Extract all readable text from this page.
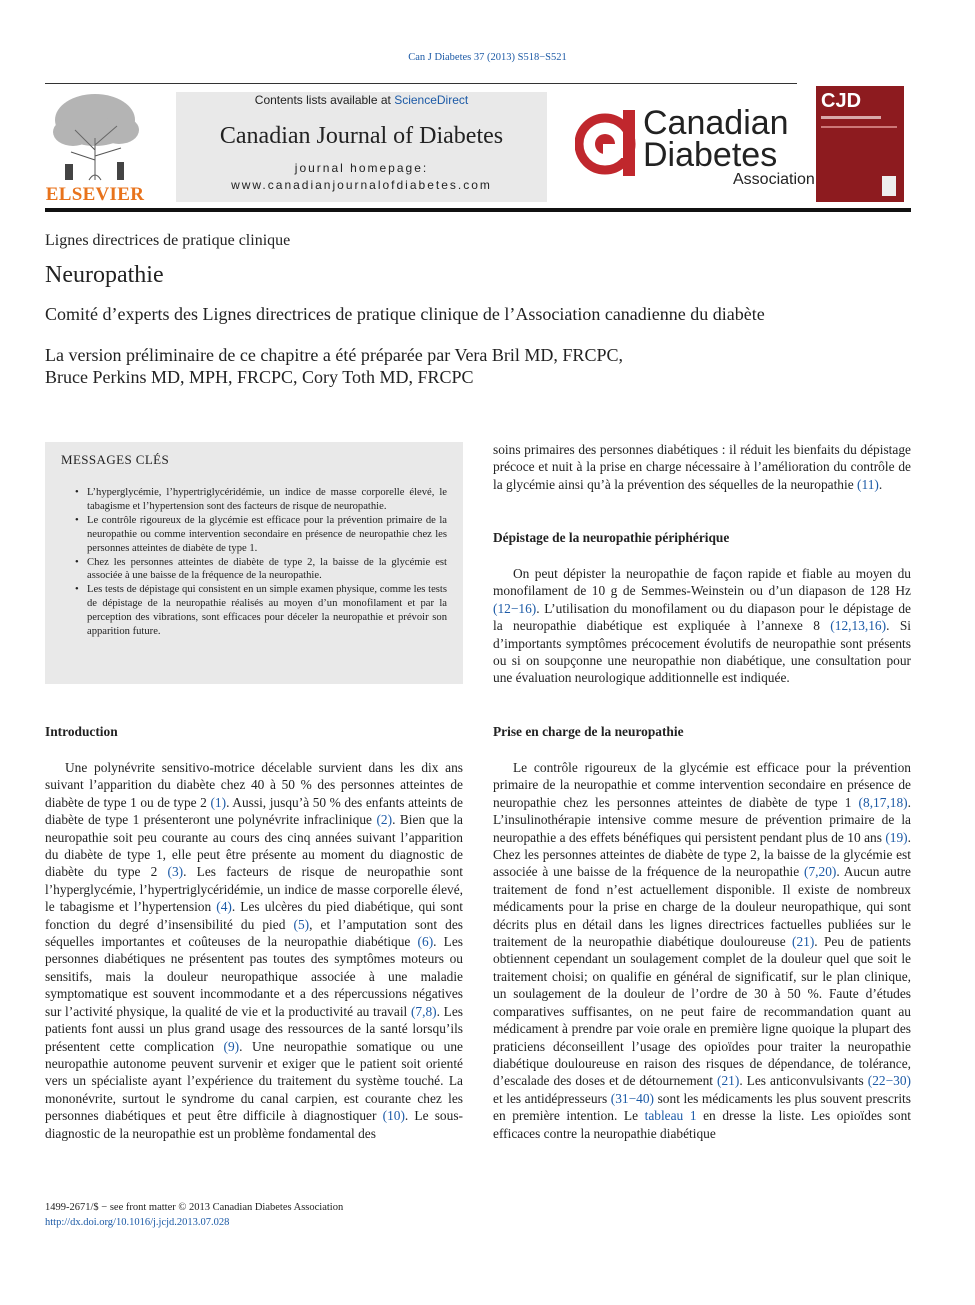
Can J Diabetes 37 (2013) S518−S521
ELSEVIER
Contents lists available at ScienceDirect
Canadian Journal of Diabetes
journal homepage:
www.canadianjournalofdiabetes.com
Canadian
Diabetes
Association
CJD
Lignes directrices de pratique clinique
Neuropathie
Comité d’experts des Lignes directrices de pratique clinique de l’Association canadienne du diabète
La version préliminaire de ce chapitre a été préparée par Vera Bril MD, FRCPC,
Bruce Perkins MD, MPH, FRCPC, Cory Toth MD, FRCPC
MESSAGES CLÉS
• L’hyperglycémie, l’hypertriglycéridémie, un indice de masse corporelle élevé, le tabagisme et l’hypertension sont des facteurs de risque de neuropathie.
• Le contrôle rigoureux de la glycémie est efficace pour la prévention primaire de la neuropathie ou comme intervention secondaire en présence de neuropathie chez les personnes atteintes de diabète de type 1.
• Chez les personnes atteintes de diabète de type 2, la baisse de la glycémie est associée à une baisse de la fréquence de la neuropathie.
• Les tests de dépistage qui consistent en un simple examen physique, comme les tests de dépistage de la neuropathie réalisés au moyen d’un monofilament et par la perception des vibrations, sont efficaces pour déceler la neuropathie et prévoir son apparition future.
Introduction

Une polynévrite sensitivo-motrice décelable survient dans les dix ans suivant l’apparition du diabète chez 40 à 50 % des personnes atteintes de diabète de type 1 ou de type 2 (1). Aussi, jusqu’à 50 % des enfants atteints de diabète de type 1 présenteront une polynévrite infraclinique (2). Bien que la neuropathie soit peu courante au cours des cinq années suivant l’apparition du diabète de type 1, elle peut être présente au moment du diagnostic de diabète du type 2 (3). Les facteurs de risque de neuropathie sont l’hyperglycémie, l’hypertriglycéridémie, un indice de masse corporelle élevé, le tabagisme et l’hypertension (4). Les ulcères du pied diabétique, qui sont fonction du degré d’insensibilité du pied (5), et l’amputation sont des séquelles importantes et coûteuses de la neuropathie diabétique (6). Les personnes diabétiques ne présentent pas toutes des symptômes moteurs ou sensitifs, mais la douleur neuropathique associée à une maladie symptomatique est souvent incommodante et a des répercussions négatives sur l’activité physique, la qualité de vie et la productivité au travail (7,8). Les patients font aussi un plus grand usage des ressources de la santé lorsqu’ils présentent cette complication (9). Une neuropathie somatique ou une neuropathie autonome peuvent survenir et exiger que le patient soit orienté vers un spécialiste ayant l’expérience du traitement du système touché. La mononévrite, surtout le syndrome du canal carpien, est courante chez les personnes diabétiques et peut être difficile à diagnostiquer (10). Le sous-diagnostic de la neuropathie est un problème fondamental des

soins primaires des personnes diabétiques : il réduit les bienfaits du dépistage précoce et nuit à la prise en charge nécessaire à l’amélioration du contrôle de la glycémie ainsi qu’à la prévention des séquelles de la neuropathie (11).

Dépistage de la neuropathie périphérique

On peut dépister la neuropathie de façon rapide et fiable au moyen du monofilament de 10 g de Semmes-Weinstein ou d’un diapason de 128 Hz (12−16). L’utilisation du monofilament ou du diapason pour le dépistage de la neuropathie diabétique est expliquée à l’annexe 8 (12,13,16). Si d’importants symptômes précocement évolutifs de neuropathie sont présents ou si on soupçonne une neuropathie non diabétique, une consultation pour une évaluation neurologique additionnelle est indiquée.

Prise en charge de la neuropathie

Le contrôle rigoureux de la glycémie est efficace pour la prévention primaire de la neuropathie et comme intervention secondaire en présence de neuropathie chez les personnes atteintes de diabète de type 1 (8,17,18). L’insulinothérapie intensive comme mesure de prévention primaire de la neuropathie a des effets bénéfiques qui persistent pendant plus de 10 ans (19). Chez les personnes atteintes de diabète de type 2, la baisse de la glycémie est associée à une baisse de la fréquence de la neuropathie (7,20). Aucun autre traitement de fond n’est actuellement disponible. Il existe de nombreux médicaments pour la prise en charge de la douleur neuropathique, qui sont décrits plus en détail dans les lignes directrices factuelles publiées sur le traitement de la neuropathie diabétique douloureuse (21). Peu de patients obtiennent cependant un soulagement complet de la douleur quel que soit le traitement choisi; on qualifie en général de significatif, sur le plan clinique, un soulagement de la douleur de l’ordre de 30 à 50 %. Faute d’études comparatives suffisantes, on ne peut faire de recommandation quant au médicament à prendre par voie orale en première ligne quoique la plupart des praticiens déconseillent l’usage des opioïdes pour traiter la neuropathie diabétique douloureuse en raison des risques de dépendance, de tolérance, d’escalade des doses et de détournement (21). Les anticonvulsivants (22−30) et les antidépresseurs (31−40) sont les médicaments les plus souvent prescrits en première intention. Le tableau 1 en dresse la liste. Les opioïdes sont efficaces contre la neuropathie diabétique

1499-2671/$ − see front matter © 2013 Canadian Diabetes Association
http://dx.doi.org/10.1016/j.jcjd.2013.07.028
